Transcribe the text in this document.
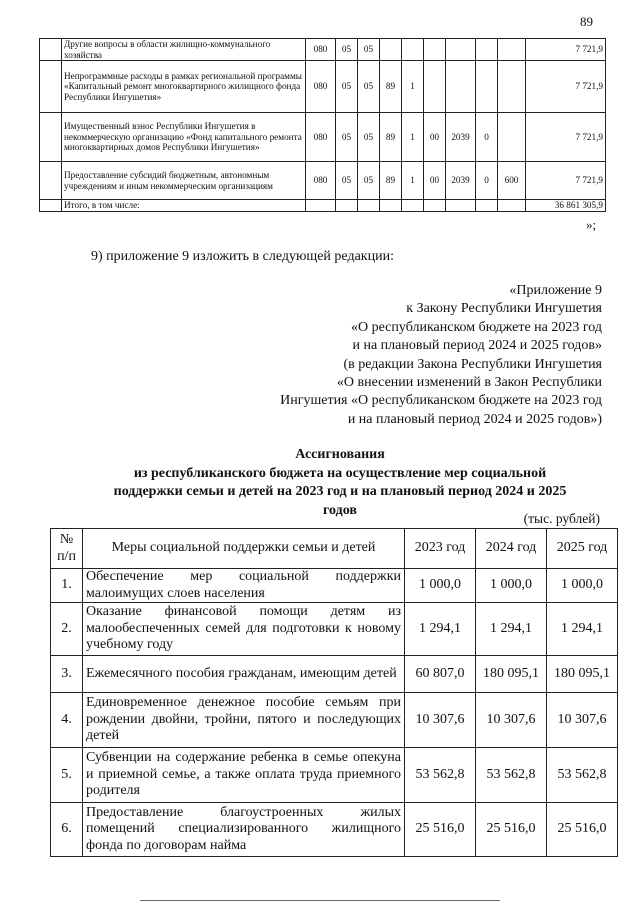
89
	Другие вопросы в области жилищно-коммунального хозяйства	080	05	05							7 721,9
	Непрограммные расходы в рамках региональной программы «Капитальный ремонт многоквартирного жилищного фонда Республики Ингушетия»	080	05	05	89	1					7 721,9
	Имущественный взнос Республики Ингушетия в некоммерческую организацию «Фонд капитального ремонта многоквартирных домов Республики Ингушетия»	080	05	05	89	1	00	2039	0		7 721,9
	Предоставление субсидий бюджетным, автономным учреждениям и иным некоммерческим организациям	080	05	05	89	1	00	2039	0	600	7 721,9
	Итого, в том числе:										36 861 305,9
»;
9) приложение 9 изложить в следующей редакции:
«Приложение 9
к Закону Республики Ингушетия
«О республиканском бюджете на 2023 год
и на плановый период 2024 и 2025 годов»
(в редакции Закона Республики Ингушетия
«О внесении изменений в Закон Республики
Ингушетия «О республиканском бюджете на 2023 год
и на плановый период 2024 и 2025 годов»)
Ассигнования
из республиканского бюджета на осуществление мер социальной
поддержки семьи и детей на 2023 год и на плановый период 2024 и 2025
годов
(тыс. рублей)
№ п/п	Меры социальной поддержки семьи и детей	2023 год	2024 год	2025 год
1.	Обеспечение мер социальной поддержки малоимущих слоев населения	1 000,0	1 000,0	1 000,0
2.	Оказание финансовой помощи детям из малообеспеченных семей для подготовки к новому учебному году	1 294,1	1 294,1	1 294,1
3.	Ежемесячного пособия гражданам, имеющим детей	60 807,0	180 095,1	180 095,1
4.	Единовременное денежное пособие семьям при рождении двойни, тройни, пятого и последующих детей	10 307,6	10 307,6	10 307,6
5.	Субвенции на содержание ребенка в семье опекуна и приемной семье, а также оплата труда приемного родителя	53 562,8	53 562,8	53 562,8
6.	Предоставление благоустроенных жилых помещений специализированного жилищного фонда по договорам найма	25 516,0	25 516,0	25 516,0
